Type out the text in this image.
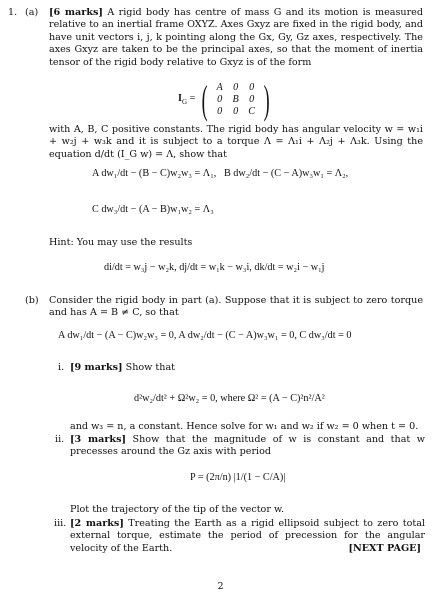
1. (a) [6 marks] A rigid body has centre of mass G and its motion is measured relative to an inertial frame OXYZ. Axes Gxyz are fixed in the rigid body, and have unit vectors i, j, k pointing along the Gx, Gy, Gz axes, respectively. The axes Gxyz are taken to be the principal axes, so that the moment of inertia tensor of the rigid body relative to Gxyz is of the form
$I_G$ = ( A	0	0
0	B	0
0	0 C )
with A, B, C positive constants. The rigid body has angular velocity w = w₁i + w₂j + w₃k and it is subject to a torque Λ = Λ₁i + Λ₂j + Λ₃k. Using the equation d/dt (I_G w) = Λ, show that
A dw₁/dt − (B − C)w₂w₃ = Λ₁, B dw₂/dt − (C − A)w₃w₁ = Λ₂,
C dw₃/dt − (A − B)w₁w₂ = Λ₃
Hint: You may use the results
di/dt = w₃j − w₂k, dj/dt = w₁k − w₃i, dk/dt = w₂i − w₁j
(b) Consider the rigid body in part (a). Suppose that it is subject to zero torque and has A = B ≠ C, so that
A dw₁/dt − (A − C)w₂w₃ = 0, A dw₂/dt − (C − A)w₃w₁ = 0, C dw₃/dt = 0
i. [9 marks] Show that
d²w₂/dt² + Ω²w₂ = 0, where Ω² = (A − C)²n²/A²
and w₃ = n, a constant. Hence solve for w₁ and w₂ if w₂ = 0 when t = 0.
ii. [3 marks] Show that the magnitude of w is constant and that w precesses around the Gz axis with period
P = (2π/n) |1/(1 − C/A)|
Plot the trajectory of the tip of the vector w.
iii. [2 marks] Treating the Earth as a rigid ellipsoid subject to zero total external torque, estimate the period of precession for the angular velocity of the Earth.	[NEXT PAGE]
2
